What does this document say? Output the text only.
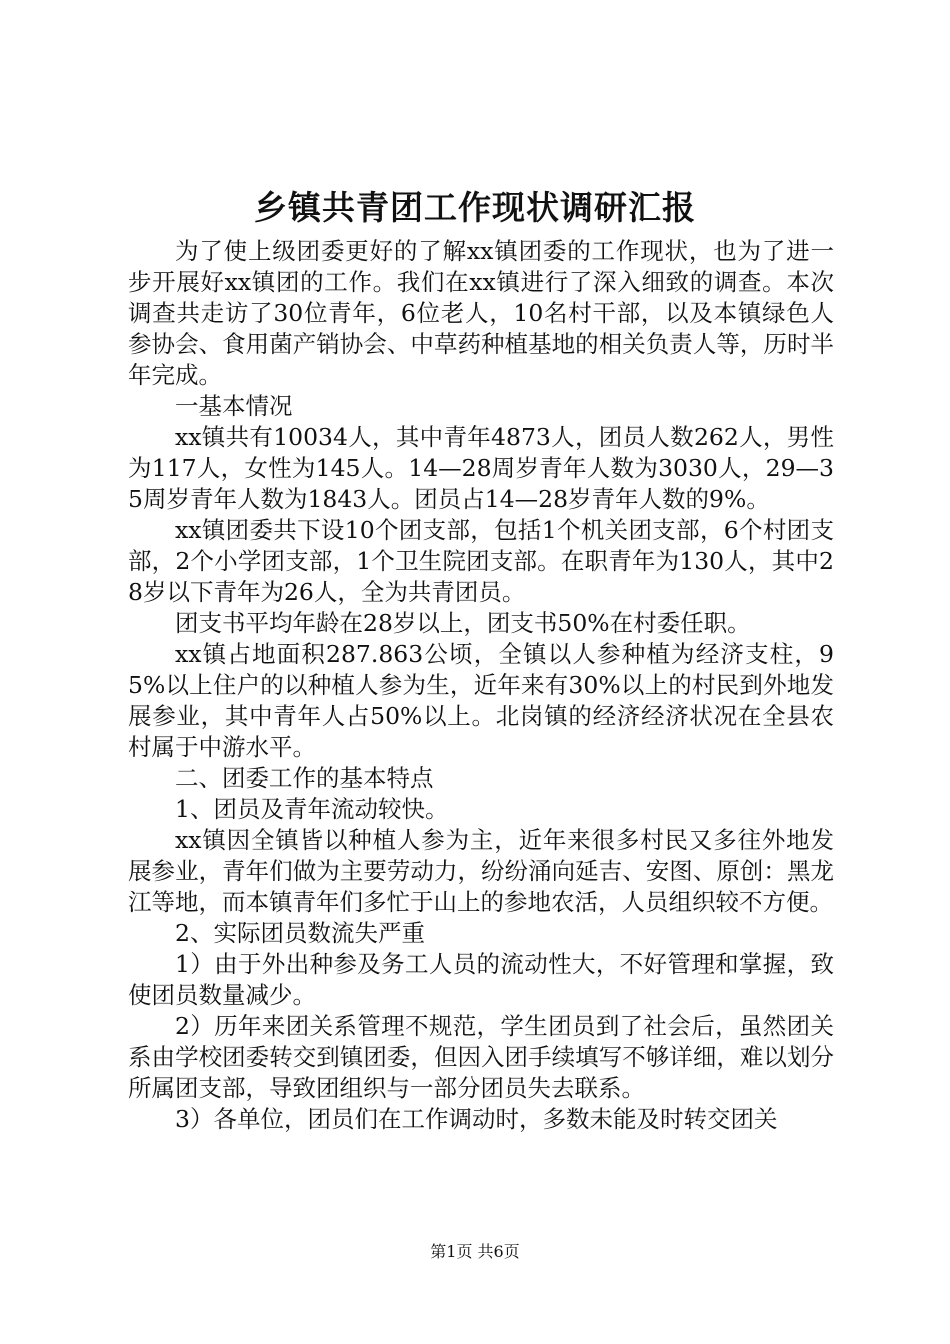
乡镇共青团工作现状调研汇报

为了使上级团委更好的了解xx镇团委的工作现状，也为了进一步开展好xx镇团的工作。我们在xx镇进行了深入细致的调查。本次调查共走访了30位青年，6位老人，10名村干部，以及本镇绿色人参协会、食用菌产销协会、中草药种植基地的相关负责人等，历时半年完成。

一基本情况

xx镇共有10034人，其中青年4873人，团员人数262人，男性为117人，女性为145人。14—28周岁青年人数为3030人，29—35周岁青年人数为1843人。团员占14—28岁青年人数的9%。

xx镇团委共下设10个团支部，包括1个机关团支部，6个村团支部，2个小学团支部，1个卫生院团支部。在职青年为130人，其中28岁以下青年为26人，全为共青团员。

团支书平均年龄在28岁以上，团支书50%在村委任职。

xx镇占地面积287.863公顷，全镇以人参种植为经济支柱，95%以上住户的以种植人参为生，近年来有30%以上的村民到外地发展参业，其中青年人占50%以上。北岗镇的经济经济状况在全县农村属于中游水平。

二、团委工作的基本特点

1、团员及青年流动较快。

xx镇因全镇皆以种植人参为主，近年来很多村民又多往外地发展参业，青年们做为主要劳动力，纷纷涌向延吉、安图、原创：黑龙江等地，而本镇青年们多忙于山上的参地农活，人员组织较不方便。

2、实际团员数流失严重

1）由于外出种参及务工人员的流动性大，不好管理和掌握，致使团员数量减少。

2）历年来团关系管理不规范，学生团员到了社会后，虽然团关系由学校团委转交到镇团委，但因入团手续填写不够详细，难以划分所属团支部，导致团组织与一部分团员失去联系。

3）各单位，团员们在工作调动时，多数未能及时转交团关

第1页 共6页
